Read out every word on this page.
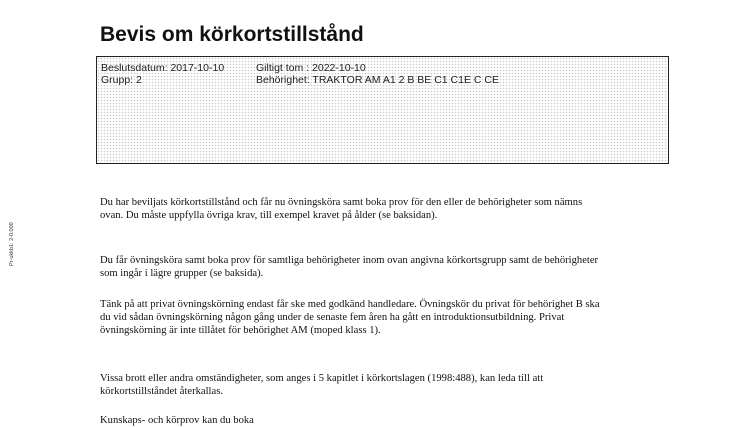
Bevis om körkortstillstånd
Beslutsdatum: 2017-10-10	Giltigt tom : 2022-10-10
Grupp: 2	Behörighet: TRAKTOR AM A1 2 B BE C1 C1E C CE
Pr-ukkb1: 2-0.000
Du har beviljats körkortstillstånd och får nu övningsköra samt boka prov för den eller de behörigheter som nämns ovan. Du måste uppfylla övriga krav, till exempel kravet på ålder (se baksidan).
Du får övningsköra samt boka prov för samtliga behörigheter inom ovan angivna körkortsgrupp samt de behörigheter som ingår i lägre grupper (se baksida).
Tänk på att privat övningskörning endast får ske med godkänd handledare. Övningskör du privat för behörighet B ska du vid sådan övningskörning någon gång under de senaste fem åren ha gått en introduktionsutbildning. Privat övningskörning är inte tillåtet för behörighet AM (moped klass 1).
Vissa brott eller andra omständigheter, som anges i 5 kapitlet i körkortslagen (1998:488), kan leda till att körkortstillståndet återkallas.
Kunskaps- och körprov kan du boka
